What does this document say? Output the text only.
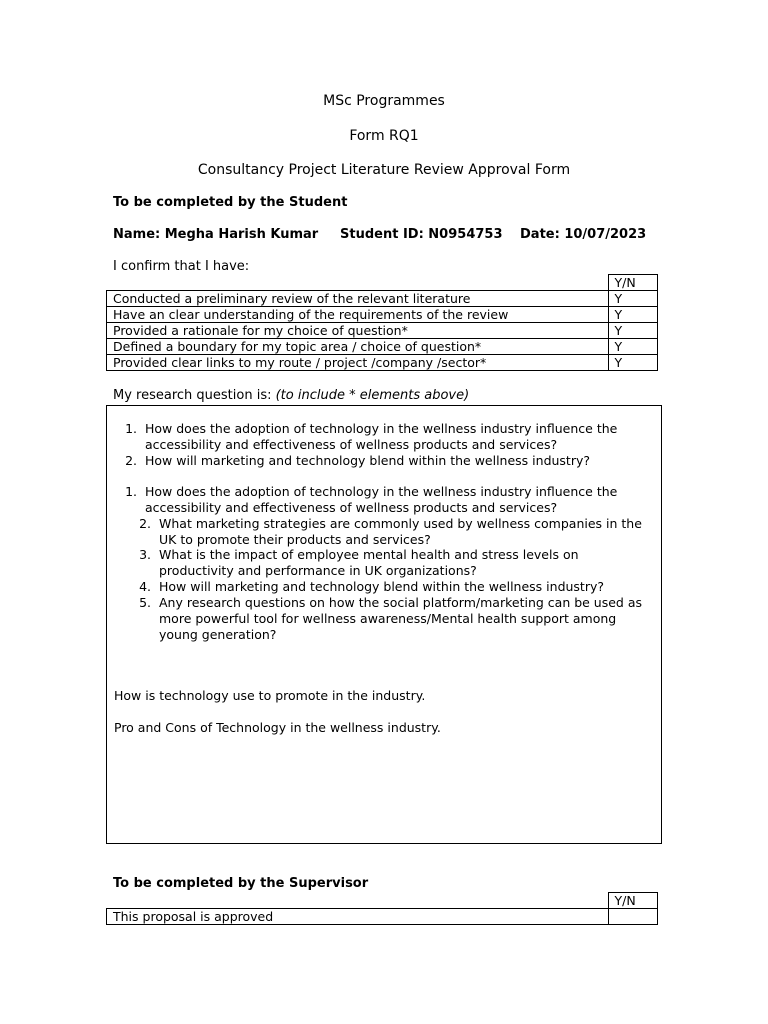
MSc Programmes
Form RQ1
Consultancy Project Literature Review Approval Form
To be completed by the Student
Name: Megha Harish Kumar Student ID: N0954753 Date: 10/07/2023
I confirm that I have:
	Y/N
Conducted a preliminary review of the relevant literature	Y
Have an clear understanding of the requirements of the review	Y
Provided a rationale for my choice of question*	Y
Defined a boundary for my topic area / choice of question*	Y
Provided clear links to my route / project /company /sector*	Y
My research question is: (to include * elements above)
1. How does the adoption of technology in the wellness industry influence the
accessibility and effectiveness of wellness products and services?
2. How will marketing and technology blend within the wellness industry?
1. How does the adoption of technology in the wellness industry influence the
accessibility and effectiveness of wellness products and services?
2. What marketing strategies are commonly used by wellness companies in the
UK to promote their products and services?
3. What is the impact of employee mental health and stress levels on
productivity and performance in UK organizations?
4. How will marketing and technology blend within the wellness industry?
5. Any research questions on how the social platform/marketing can be used as
more powerful tool for wellness awareness/Mental health support among
young generation?
How is technology use to promote in the industry.
Pro and Cons of Technology in the wellness industry.
To be completed by the Supervisor
	Y/N
This proposal is approved	
